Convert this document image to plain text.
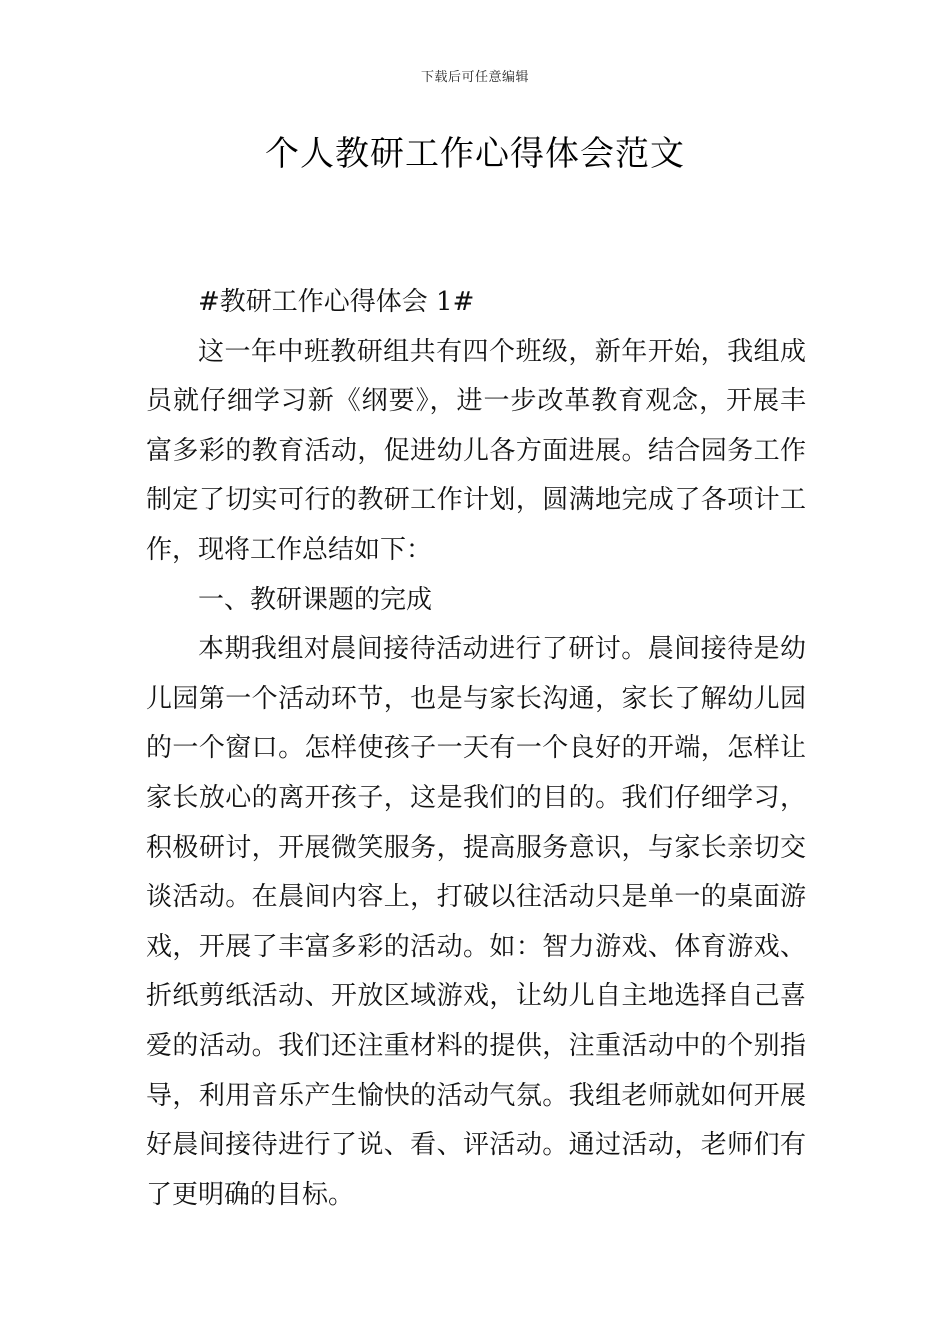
下载后可任意编辑
个人教研工作心得体会范文

#教研工作心得体会 1#

这一年中班教研组共有四个班级，新年开始，我组成员就仔细学习新《纲要》，进一步改革教育观念，开展丰富多彩的教育活动，促进幼儿各方面进展。结合园务工作制定了切实可行的教研工作计划，圆满地完成了各项计工作，现将工作总结如下：

一、教研课题的完成

本期我组对晨间接待活动进行了研讨。晨间接待是幼儿园第一个活动环节，也是与家长沟通，家长了解幼儿园的一个窗口。怎样使孩子一天有一个良好的开端，怎样让家长放心的离开孩子，这是我们的目的。我们仔细学习，积极研讨，开展微笑服务，提高服务意识，与家长亲切交谈活动。在晨间内容上，打破以往活动只是单一的桌面游戏，开展了丰富多彩的活动。如：智力游戏、体育游戏、折纸剪纸活动、开放区域游戏，让幼儿自主地选择自己喜爱的活动。我们还注重材料的提供，注重活动中的个别指导，利用音乐产生愉快的活动气氛。我组老师就如何开展好晨间接待进行了说、看、评活动。通过活动，老师们有了更明确的目标。
